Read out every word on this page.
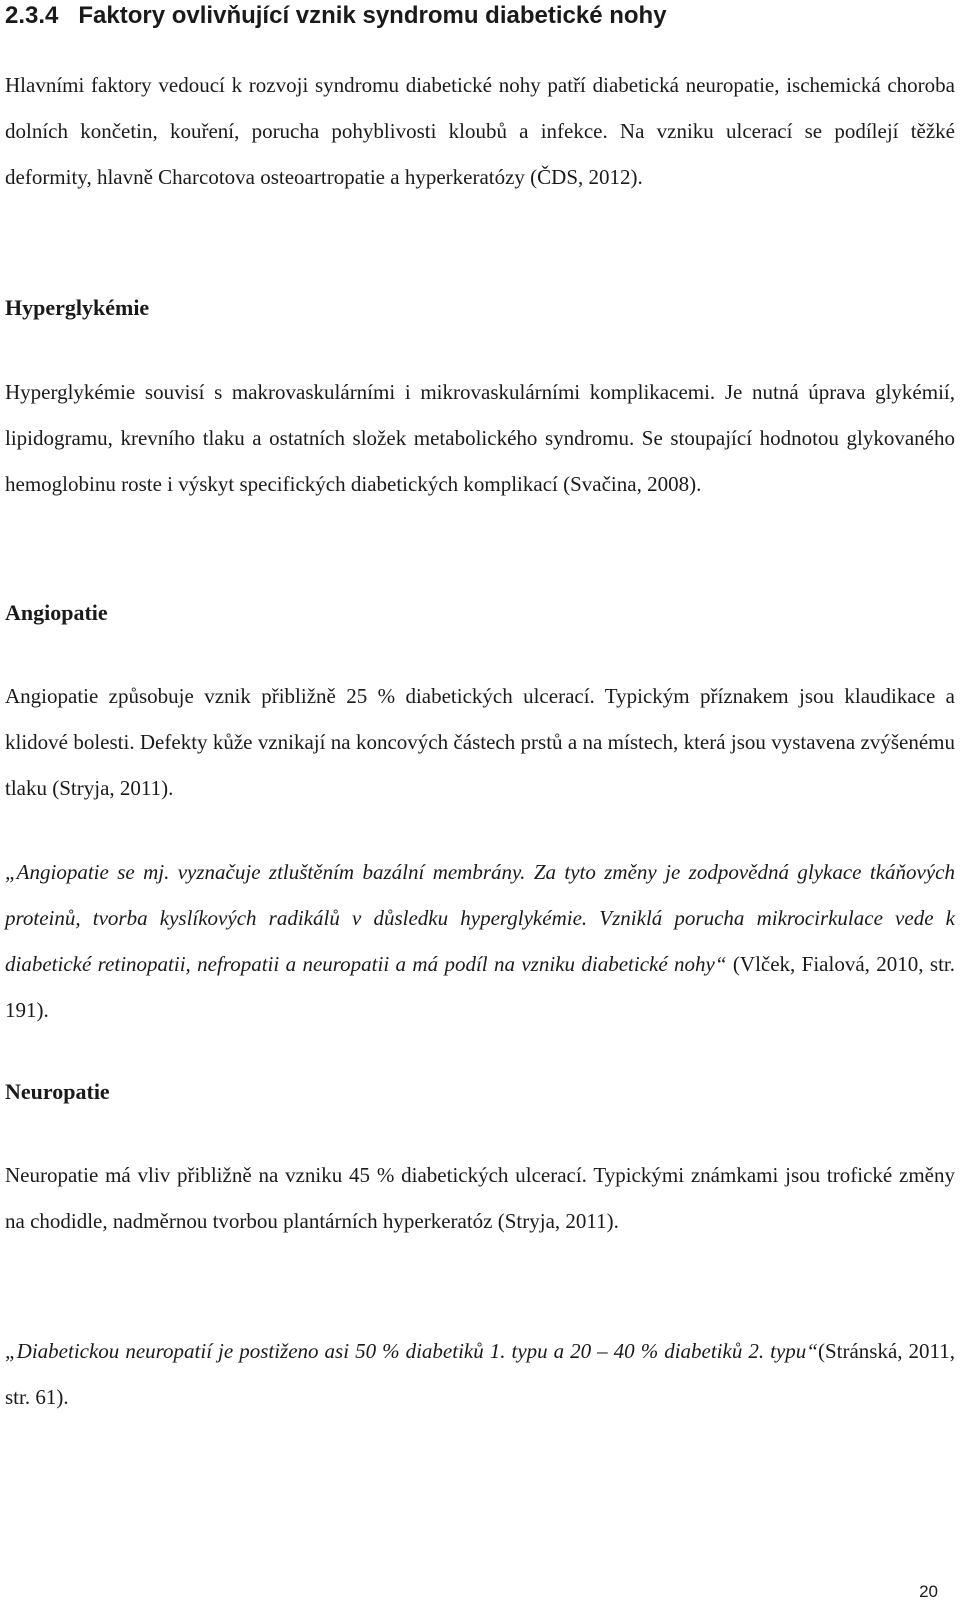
2.3.4 Faktory ovlivňující vznik syndromu diabetické nohy

Hlavními faktory vedoucí k rozvoji syndromu diabetické nohy patří diabetická neuropatie, ischemická choroba dolních končetin, kouření, porucha pohyblivosti kloubů a infekce. Na vzniku ulcerací se podílejí těžké deformity, hlavně Charcotova osteoartropatie a hyperkeratózy (ČDS, 2012).

Hyperglykémie

Hyperglykémie souvisí s makrovaskulárními i mikrovaskulárními komplikacemi. Je nutná úprava glykémií, lipidogramu, krevního tlaku a ostatních složek metabolického syndromu. Se stoupající hodnotou glykovaného hemoglobinu roste i výskyt specifických diabetických komplikací (Svačina, 2008).

Angiopatie

Angiopatie způsobuje vznik přibližně 25 % diabetických ulcerací. Typickým příznakem jsou klaudikace a klidové bolesti. Defekty kůže vznikají na koncových částech prstů a na místech, která jsou vystavena zvýšenému tlaku (Stryja, 2011).

„Angiopatie se mj. vyznačuje ztluštěním bazální membrány. Za tyto změny je zodpovědná glykace tkáňových proteinů, tvorba kyslíkových radikálů v důsledku hyperglykémie. Vzniklá porucha mikrocirkulace vede k diabetické retinopatii, nefropatii a neuropatii a má podíl na vzniku diabetické nohy“ (Vlček, Fialová, 2010, str. 191).

Neuropatie

Neuropatie má vliv přibližně na vzniku 45 % diabetických ulcerací. Typickými známkami jsou trofické změny na chodidle, nadměrnou tvorbou plantárních hyperkeratóz (Stryja, 2011).

„Diabetickou neuropatií je postiženo asi 50 % diabetiků 1. typu a 20 – 40 % diabetiků 2. typu“(Stránská, 2011, str. 61).

20
